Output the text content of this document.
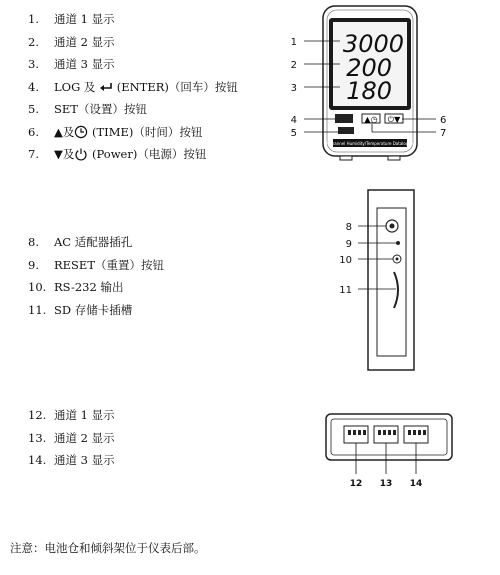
1. 通道 1 显示
2. 通道 2 显示
3. 通道 3 显示
4. LOG 及  (ENTER)（回车）按钮
5. SET（设置）按钮
6. ▲及 (TIME)（时间）按钮
7. ▼及 (Power)（电源）按钮
8. AC 适配器插孔
9. RESET（重置）按钮
10. RS-232 输出
11. SD 存储卡插槽
12. 通道 1 显示
13. 通道 2 显示
14. 通道 3 显示
注意：电池仓和倾斜架位于仪表后部。
3000
200
180
▲◷ ⏻▼
3-Channel Humidity/Temperature Datalogger
1
2
3
4
5
6
7
8
9
10
11
12 13 14
